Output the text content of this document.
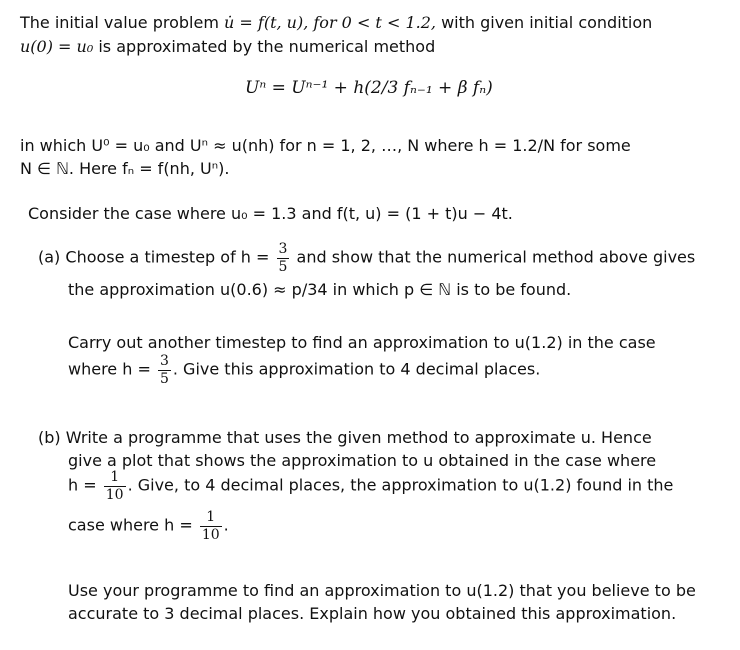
The initial value problem u̇ = f(t, u), for 0 < t < 1.2, with given initial condition
u(0) = u₀ is approximated by the numerical method
Uⁿ = Uⁿ⁻¹ + h(2/3 fₙ₋₁ + β fₙ)
in which U⁰ = u₀ and Uⁿ ≈ u(nh) for n = 1, 2, …, N where h = 1.2/N for some
N ∈ ℕ. Here fₙ = f(nh, Uⁿ).
Consider the case where u₀ = 1.3 and f(t, u) = (1 + t)u − 4t.
(a) Choose a timestep of $h = \frac{3}{5}$ and show that the numerical method above gives
the approximation u(0.6) ≈ p/34 in which p ∈ ℕ is to be found.
Carry out another timestep to find an approximation to u(1.2) in the case
where $h = \frac{3}{5}$ . Give this approximation to 4 decimal places.
(b) Write a programme that uses the given method to approximate u. Hence
give a plot that shows the approximation to u obtained in the case where
$h = \frac{1}{10}$ . Give, to 4 decimal places, the approximation to u(1.2) found in the
case where $h = \frac{1}{10}$ .
Use your programme to find an approximation to u(1.2) that you believe to be
accurate to 3 decimal places. Explain how you obtained this approximation.
